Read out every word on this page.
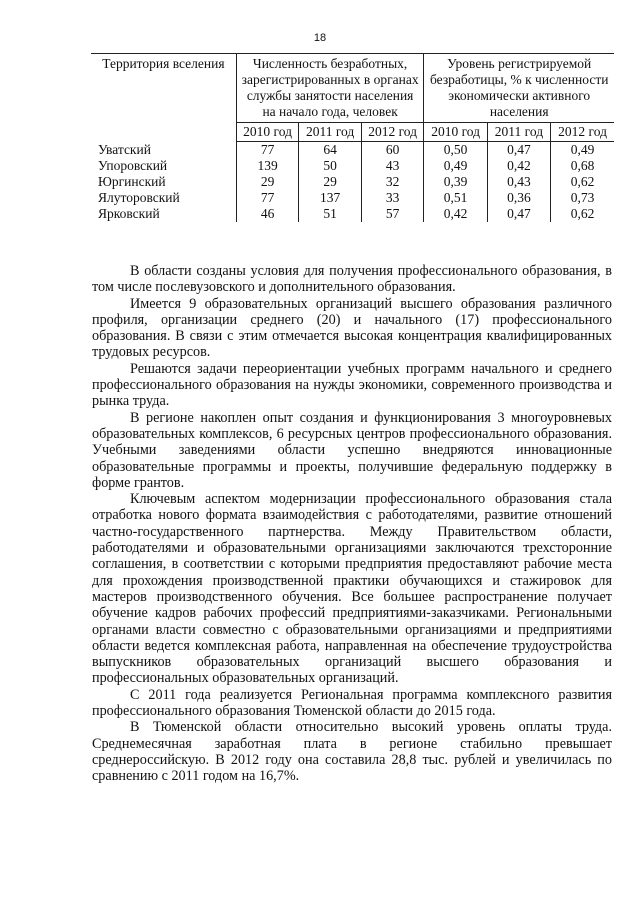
18
Территория вселения	Численность безработных, зарегистрированных в органах службы занятости населения на начало года, человек			Уровень регистрируемой безработицы, % к численности экономически активного населения		
	2010 год	2011 год	2012 год	2010 год	2011 год	2012 год
Уватский	77	64	60	0,50	0,47	0,49
Упоровский	139	50	43	0,49	0,42	0,68
Юргинский	29	29	32	0,39	0,43	0,62
Ялуторовский	77	137	33	0,51	0,36	0,73
Ярковский	46	51	57	0,42	0,47	0,62

В области созданы условия для получения профессионального образования, в том числе послевузовского и дополнительного образования.

Имеется 9 образовательных организаций высшего образования различного профиля, организации среднего (20) и начального (17) профессионального образования. В связи с этим отмечается высокая концентрация квалифицированных трудовых ресурсов.

Решаются задачи переориентации учебных программ начального и среднего профессионального образования на нужды экономики, современного производства и рынка труда.

В регионе накоплен опыт создания и функционирования 3 многоуровневых образовательных комплексов, 6 ресурсных центров профессионального образования. Учебными заведениями области успешно внедряются инновационные образовательные программы и проекты, получившие федеральную поддержку в форме грантов.

Ключевым аспектом модернизации профессионального образования стала отработка нового формата взаимодействия с работодателями, развитие отношений частно-государственного партнерства. Между Правительством области, работодателями и образовательными организациями заключаются трехсторонние соглашения, в соответствии с которыми предприятия предоставляют рабочие места для прохождения производственной практики обучающихся и стажировок для мастеров производственного обучения. Все большее распространение получает обучение кадров рабочих профессий предприятиями-заказчиками. Региональными органами власти совместно с образовательными организациями и предприятиями области ведется комплексная работа, направленная на обеспечение трудоустройства выпускников образовательных организаций высшего образования и профессиональных образовательных организаций.

С 2011 года реализуется Региональная программа комплексного развития профессионального образования Тюменской области до 2015 года.

В Тюменской области относительно высокий уровень оплаты труда. Среднемесячная заработная плата в регионе стабильно превышает среднероссийскую. В 2012 году она составила 28,8 тыс. рублей и увеличилась по сравнению с 2011 годом на 16,7%.
